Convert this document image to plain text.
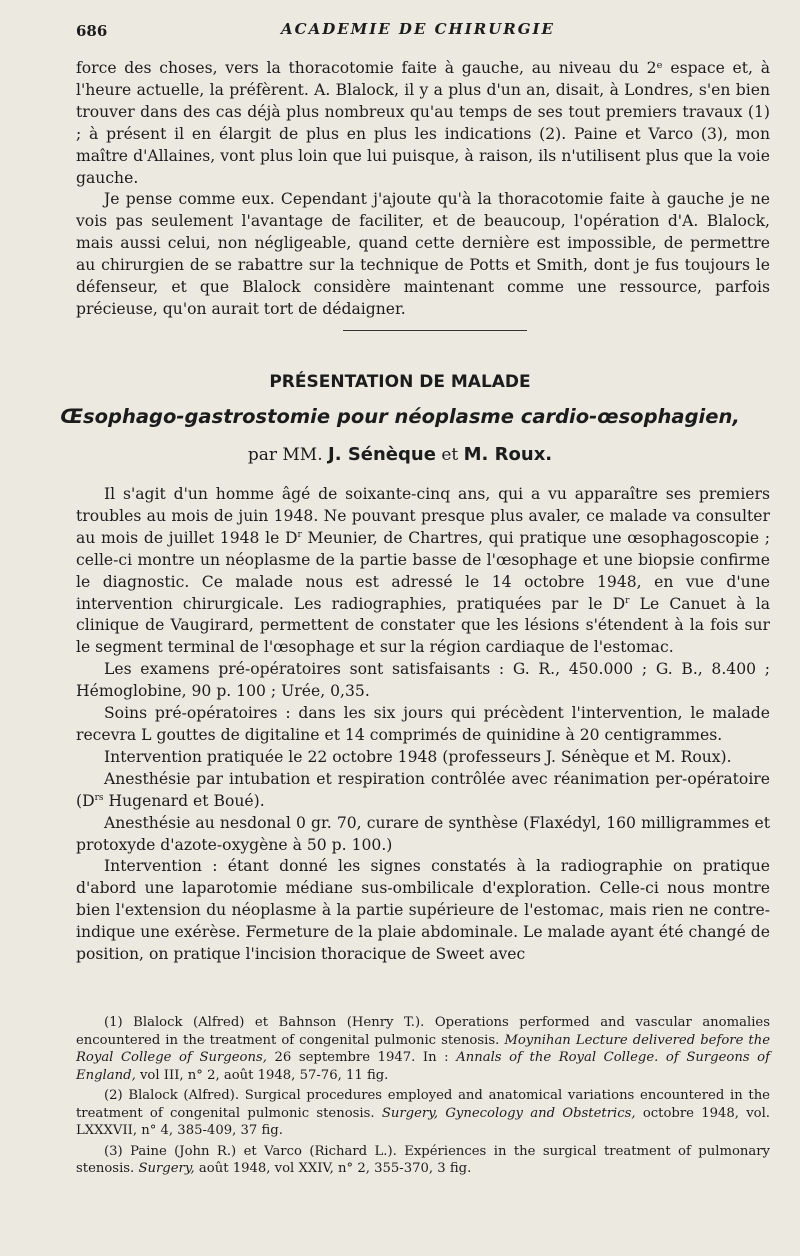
686	ACADEMIE DE CHIRURGIE

force des choses, vers la thoracotomie faite à gauche, au niveau du 2ᵉ espace et, à l'heure actuelle, la préfèrent. A. Blalock, il y a plus d'un an, disait, à Londres, s'en bien trouver dans des cas déjà plus nombreux qu'au temps de ses tout premiers travaux (1) ; à présent il en élargit de plus en plus les indications (2). Paine et Varco (3), mon maître d'Allaines, vont plus loin que lui puisque, à raison, ils n'utilisent plus que la voie gauche.

Je pense comme eux. Cependant j'ajoute qu'à la thoracotomie faite à gauche je ne vois pas seulement l'avantage de faciliter, et de beaucoup, l'opération d'A. Blalock, mais aussi celui, non négligeable, quand cette dernière est impossible, de permettre au chirurgien de se rabattre sur la technique de Potts et Smith, dont je fus toujours le défenseur, et que Blalock considère maintenant comme une ressource, parfois précieuse, qu'on aurait tort de dédaigner.

PRÉSENTATION DE MALADE
Œsophago-gastrostomie pour néoplasme cardio-œsophagien,
par MM. J. Sénèque et M. Roux.

Il s'agit d'un homme âgé de soixante-cinq ans, qui a vu apparaître ses premiers troubles au mois de juin 1948. Ne pouvant presque plus avaler, ce malade va consulter au mois de juillet 1948 le $D^r$ Meunier, de Chartres, qui pratique une œsophagoscopie ; celle-ci montre un néoplasme de la partie basse de l'œsophage et une biopsie confirme le diagnostic. Ce malade nous est adressé le 14 octobre 1948, en vue d'une intervention chirurgicale. Les radiographies, pratiquées par le $D^r$ Le Canuet à la clinique de Vaugirard, permettent de constater que les lésions s'étendent à la fois sur le segment terminal de l'œsophage et sur la région cardiaque de l'estomac.

Les examens pré-opératoires sont satisfaisants : G. R., 450.000 ; G. B., 8.400 ; Hémoglobine, 90 p. 100 ; Urée, 0,35.

Soins pré-opératoires : dans les six jours qui précèdent l'intervention, le malade recevra L gouttes de digitaline et 14 comprimés de quinidine à 20 centigrammes.

Intervention pratiquée le 22 octobre 1948 (professeurs J. Sénèque et M. Roux).

Anesthésie par intubation et respiration contrôlée avec réanimation per-opératoire ($D^{rs}$ Hugenard et Boué).

Anesthésie au nesdonal 0 gr. 70, curare de synthèse (Flaxédyl, 160 milligrammes et protoxyde d'azote-oxygène à 50 p. 100.)

Intervention : étant donné les signes constatés à la radiographie on pratique d'abord une laparotomie médiane sus-ombilicale d'exploration. Celle-ci nous montre bien l'extension du néoplasme à la partie supérieure de l'estomac, mais rien ne contre-indique une exérèse. Fermeture de la plaie abdominale. Le malade ayant été changé de position, on pratique l'incision thoracique de Sweet avec

(1) Blalock (Alfred) et Bahnson (Henry T.). Operations performed and vascular anomalies encountered in the treatment of congenital pulmonic stenosis. Moynihan Lecture delivered before the Royal College of Surgeons, 26 septembre 1947. In : Annals of the Royal College. of Surgeons of England, vol III, n° 2, août 1948, 57-76, 11 fig.

(2) Blalock (Alfred). Surgical procedures employed and anatomical variations encountered in the treatment of congenital pulmonic stenosis. Surgery, Gynecology and Obstetrics, octobre 1948, vol. LXXXVII, n° 4, 385-409, 37 fig.

(3) Paine (John R.) et Varco (Richard L.). Expériences in the surgical treatment of pulmonary stenosis. Surgery, août 1948, vol XXIV, n° 2, 355-370, 3 fig.
